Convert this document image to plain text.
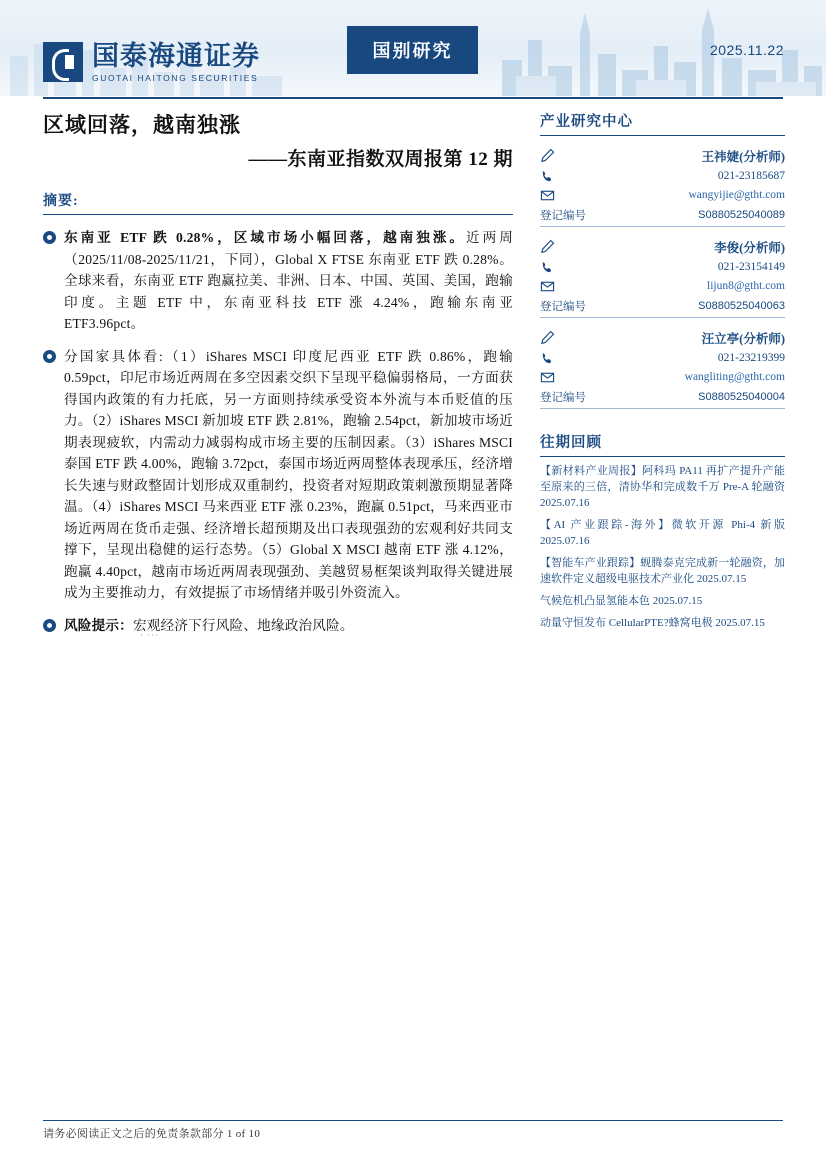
国别研究	2025.11.22
国泰海通证券
GUOTAI HAITONG SECURITIES
区域回落，越南独涨
——东南亚指数双周报第 12 期
摘要:
东南亚 ETF 跌 0.28%，区域市场小幅回落，越南独涨。近两周（2025/11/08-2025/11/21，下同），Global X FTSE 东南亚 ETF 跌 0.28%。全球来看，东南亚 ETF 跑赢拉美、非洲、日本、中国、英国、美国，跑输印度。主题 ETF 中，东南亚科技 ETF 涨 4.24%，跑输东南亚 ETF3.96pct。
分国家具体看:（1）iShares MSCI 印度尼西亚 ETF 跌 0.86%，跑输 0.59pct，印尼市场近两周在多空因素交织下呈现平稳偏弱格局，一方面获得国内政策的有力托底，另一方面则持续承受资本外流与本币贬值的压力。（2）iShares MSCI 新加坡 ETF 跌 2.81%，跑输 2.54pct，新加坡市场近期表现疲软，内需动力减弱构成市场主要的压制因素。（3）iShares MSCI 泰国 ETF 跌 4.00%，跑输 3.72pct，泰国市场近两周整体表现承压，经济增长失速与财政整固计划形成双重制约，投资者对短期政策刺激预期显著降温。（4）iShares MSCI 马来西亚 ETF 涨 0.23%，跑赢 0.51pct，马来西亚市场近两周在货币走强、经济增长超预期及出口表现强劲的宏观利好共同支撑下，呈现出稳健的运行态势。（5）Global X MSCI 越南 ETF 涨 4.12%，跑赢 4.40pct，越南市场近两周表现强劲、美越贸易框架谈判取得关键进展成为主要推动力，有效提振了市场情绪并吸引外资流入。
风险提示：宏观经济下行风险、地缘政治风险。
· ···
产业研究中心
王祎婕(分析师)
021-23185687
wangyijie@gtht.com
登记编号	S0880525040089
李俊(分析师)
021-23154149
lijun8@gtht.com
登记编号	S0880525040063
汪立亭(分析师)
021-23219399
wangliting@gtht.com
登记编号	S0880525040004
往期回顾
【新材料产业周报】阿科玛 PA11 再扩产提升产能至原来的三倍，清协华和完成数千万 Pre-A 轮融资 2025.07.16
【AI 产业跟踪-海外】微软开源 Phi-4 新版 2025.07.16
【智能车产业跟踪】蚬腾泰克完成新一轮融资，加速软件定义超级电驱技术产业化 2025.07.15
气候危机凸显氢能本色 2025.07.15
动量守恒发布 CellularPTE?蜂窝电极 2025.07.15
请务必阅读正文之后的免责条款部分 1 of 10
